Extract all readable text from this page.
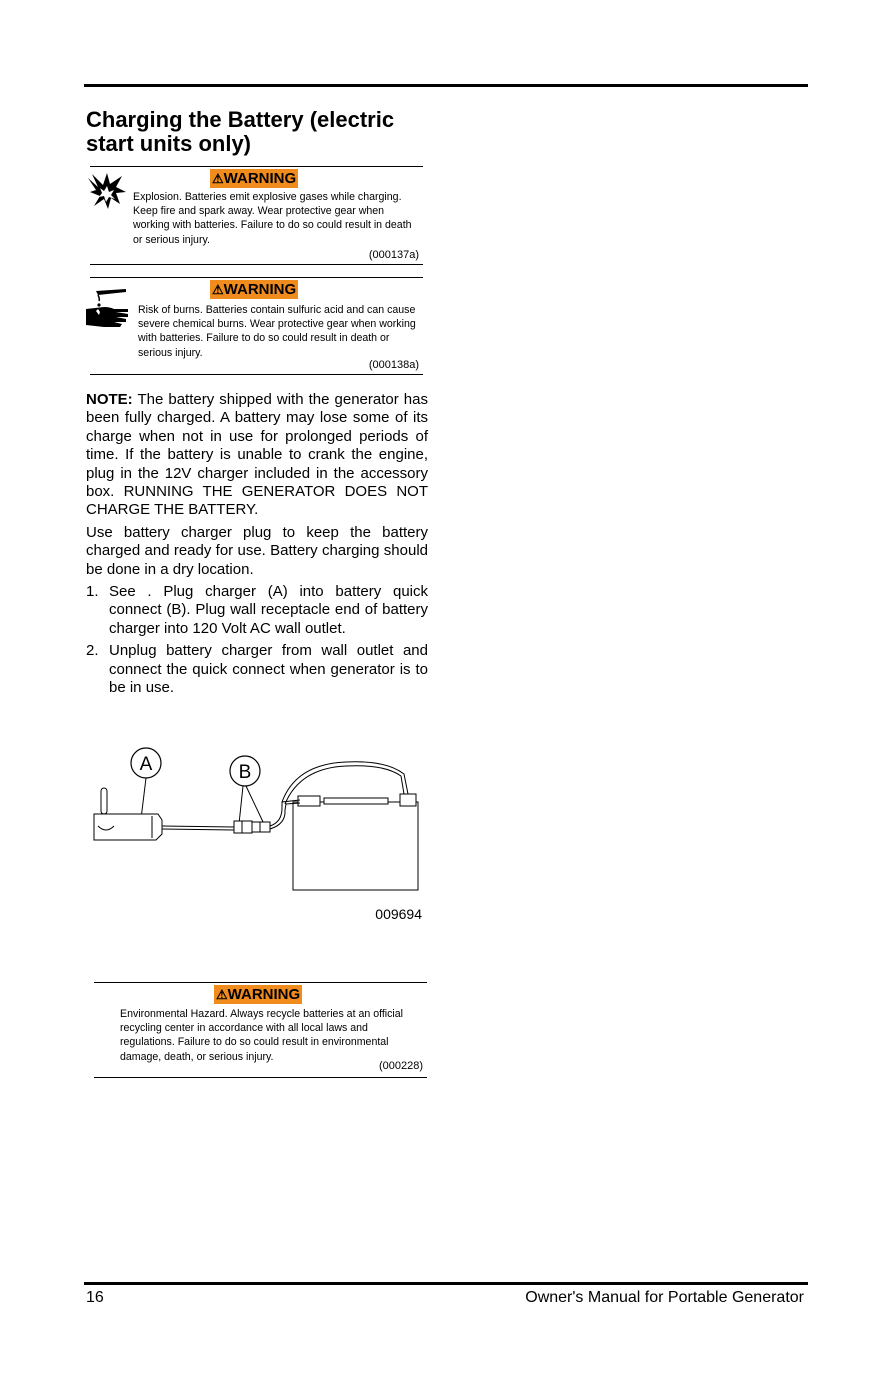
Charging the Battery (electric start units only)
⚠WARNING
Explosion. Batteries emit explosive gases while charging. Keep fire and spark away. Wear protective gear when working with batteries. Failure to do so could result in death or serious injury.
(000137a)
⚠WARNING
Risk of burns. Batteries contain sulfuric acid and can cause severe chemical burns. Wear protective gear when working with batteries. Failure to do so could result in death or serious injury.
(000138a)

NOTE: The battery shipped with the generator has been fully charged. A battery may lose some of its charge when not in use for prolonged periods of time. If the battery is unable to crank the engine, plug in the 12V charger included in the accessory box. RUNNING THE GENERATOR DOES NOT CHARGE THE BATTERY.

Use battery charger plug to keep the battery charged and ready for use. Battery charging should be done in a dry location.

1. See . Plug charger (A) into battery quick connect (B). Plug wall receptacle end of battery charger into 120 Volt AC wall outlet.
2. Unplug battery charger from wall outlet and connect the quick connect when generator is to be in use.
A	B
009694
⚠WARNING
Environmental Hazard. Always recycle batteries at an official recycling center in accordance with all local laws and regulations. Failure to do so could result in environmental damage, death, or serious injury.
(000228)
16	Owner's Manual for Portable Generator
